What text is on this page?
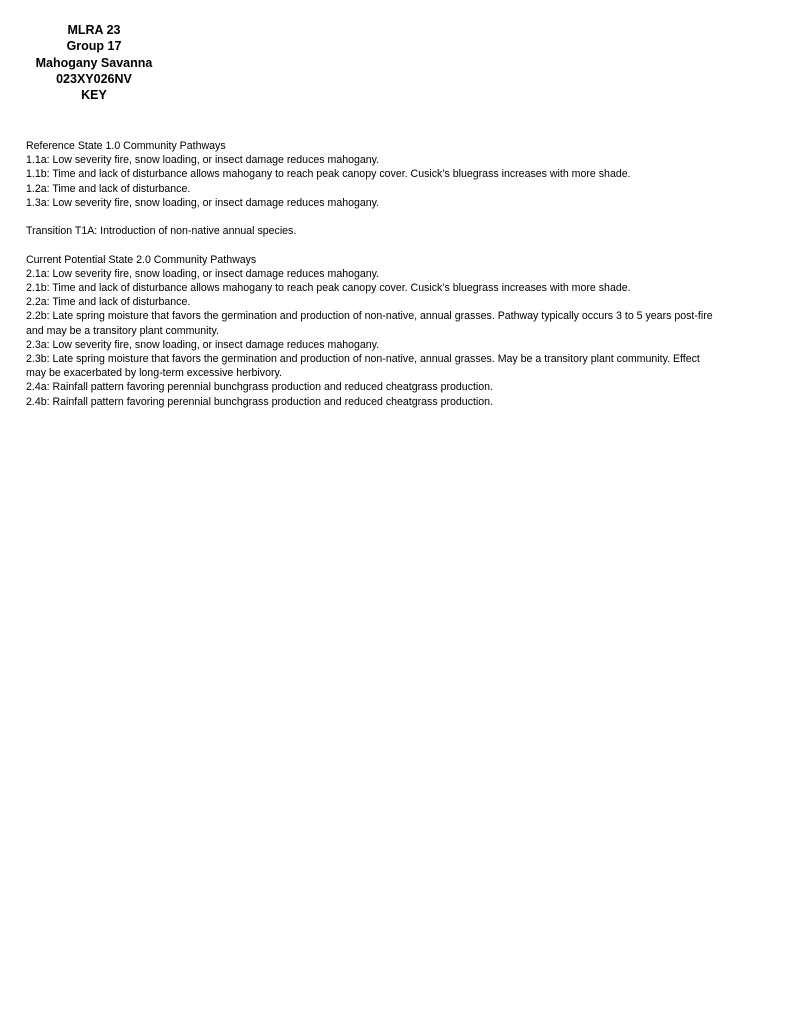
MLRA 23
Group 17
Mahogany Savanna
023XY026NV
KEY
Reference State 1.0 Community Pathways
1.1a: Low severity fire, snow loading, or insect damage reduces mahogany.
1.1b: Time and lack of disturbance allows mahogany to reach peak canopy cover. Cusick’s bluegrass increases with more shade.
1.2a: Time and lack of disturbance.
1.3a: Low severity fire, snow loading, or insect damage reduces mahogany.
Transition T1A: Introduction of non-native annual species.
Current Potential State 2.0 Community Pathways
2.1a: Low severity fire, snow loading, or insect damage reduces mahogany.
2.1b: Time and lack of disturbance allows mahogany to reach peak canopy cover. Cusick’s bluegrass increases with more shade.
2.2a: Time and lack of disturbance.
2.2b: Late spring moisture that favors the germination and production of non-native, annual grasses. Pathway typically occurs 3 to 5 years post-fire and may be a transitory plant community.
2.3a: Low severity fire, snow loading, or insect damage reduces mahogany.
2.3b: Late spring moisture that favors the germination and production of non-native, annual grasses. May be a transitory plant community. Effect may be exacerbated by long-term excessive herbivory.
2.4a: Rainfall pattern favoring perennial bunchgrass production and reduced cheatgrass production.
2.4b: Rainfall pattern favoring perennial bunchgrass production and reduced cheatgrass production.
